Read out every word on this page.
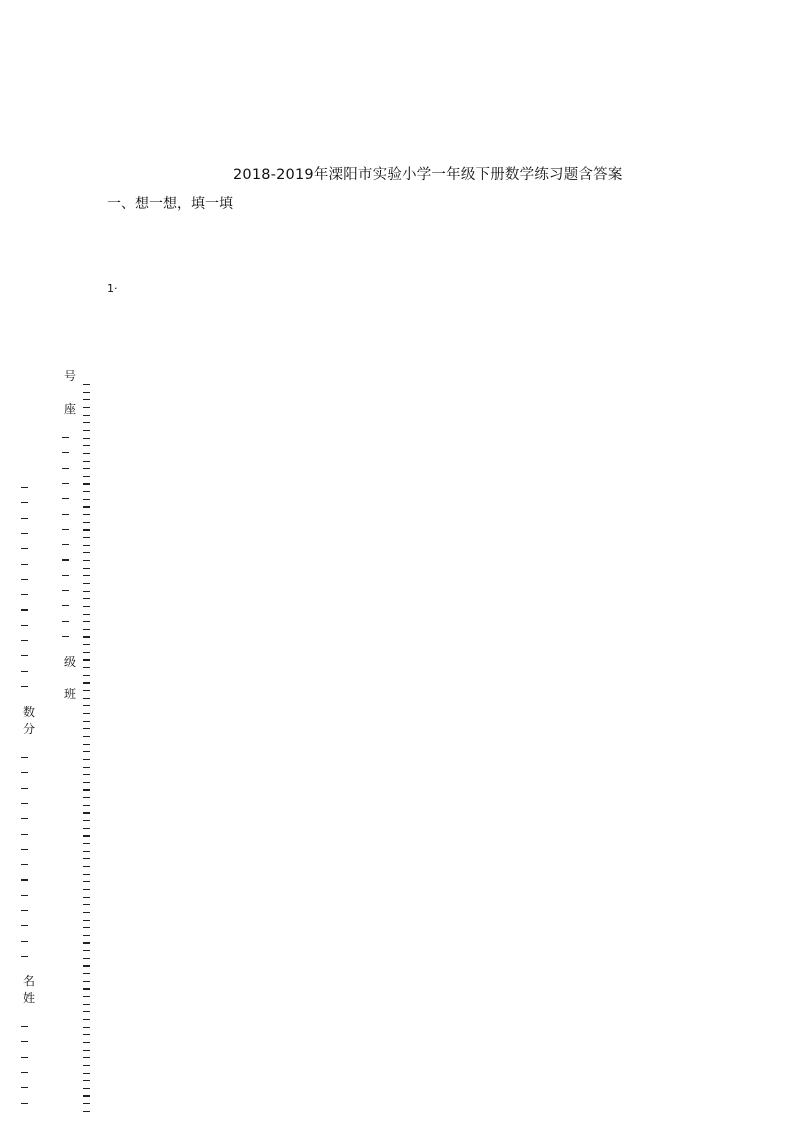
2018-2019年溧阳市实验小学一年级下册数学练习题含答案
一、想一想，填一填
1·
号
座
级
班
数
分
名
姓
